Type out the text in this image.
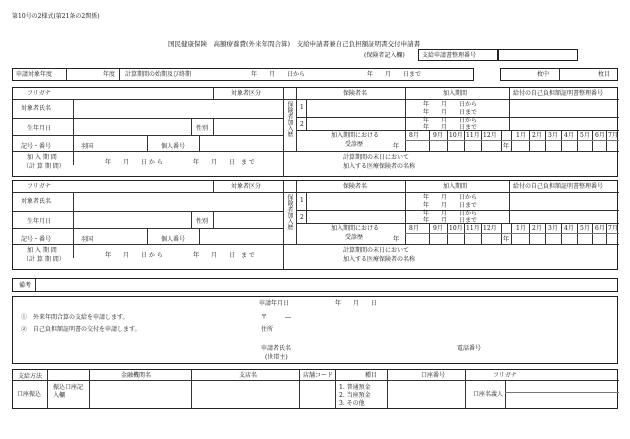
第10号の2様式(第21条の2関係)
国民健康保険　高額療養費(外来年間合算)　支給申請書兼自己負担額証明書交付申請書
(保険者記入欄)	支給申請書整理番号
申請対象年度	年度 計算期間の始期及び終期	年　　月　　日から	年　　月　　日まで	枚中	枚目
フリガナ	対象者区分
対象者氏名
生年月日	性別
記号・番号	羽国	個人番号
加 入 期 間
（計 算 期 間）
年　　月　　日 か ら	年　　月　　日　ま で
保険者加入歴
保険者名	加入期間	給付の自己負担額証明書整理番号
1	年　　月　　日から
年　　月　　日まで
2
年　　月　　日から
年　　月　　日まで
加入期間における
受診歴	年
8月 9月 10月 11月 12月
年
1月 2月 3月 4月 5月 6月 7月
計算期間の末日において
加入する医療保険者の名称
フリガナ	対象者区分
対象者氏名
生年月日	性別
記号・番号	羽国	個人番号
加 入 期 間
（計 算 期 間）
年　　月　　日 か ら	年　　月　　日　ま で
保険者加入歴
保険者名	加入期間	給付の自己負担額証明書整理番号
1	年　　月　　日から
年　　月　　日まで
2
年　　月　　日から
年　　月　　日まで
加入期間における
受診歴	年
8月 9月 10月 11月 12月
年
1月 2月 3月 4月 5月 6月 7月
計算期間の末日において
加入する医療保険者の名称
備考
申請年月日	年　　月　　日
①　外来年間合算の支給を申請します。	〒　　　―
②　自己負担額証明書の交付を申請します。	住所
申請者氏名
(世帯主)
電話番号
支給方法
口座振込
振込口座記入欄
金融機関名	支店名	店舗コード	種目
1. 普通預金
2. 当座預金
3. その他
口座番号	フリガナ
口座名義人
